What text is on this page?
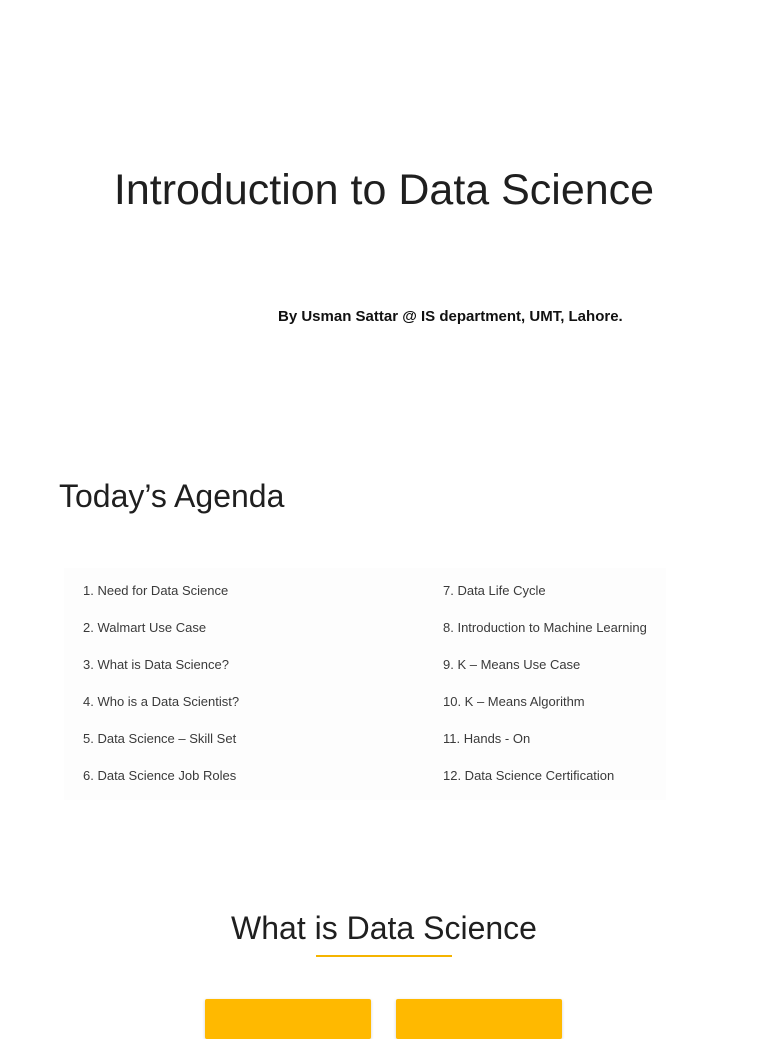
Introduction to Data Science

By Usman Sattar @ IS department, UMT, Lahore.

Today’s Agenda
1. Need for Data Science
2. Walmart Use Case
3. What is Data Science?
4. Who is a Data Scientist?
5. Data Science – Skill Set
6. Data Science Job Roles
7. Data Life Cycle
8. Introduction to Machine Learning
9. K – Means Use Case
10. K – Means Algorithm
11. Hands - On
12. Data Science Certification
What is Data Science
